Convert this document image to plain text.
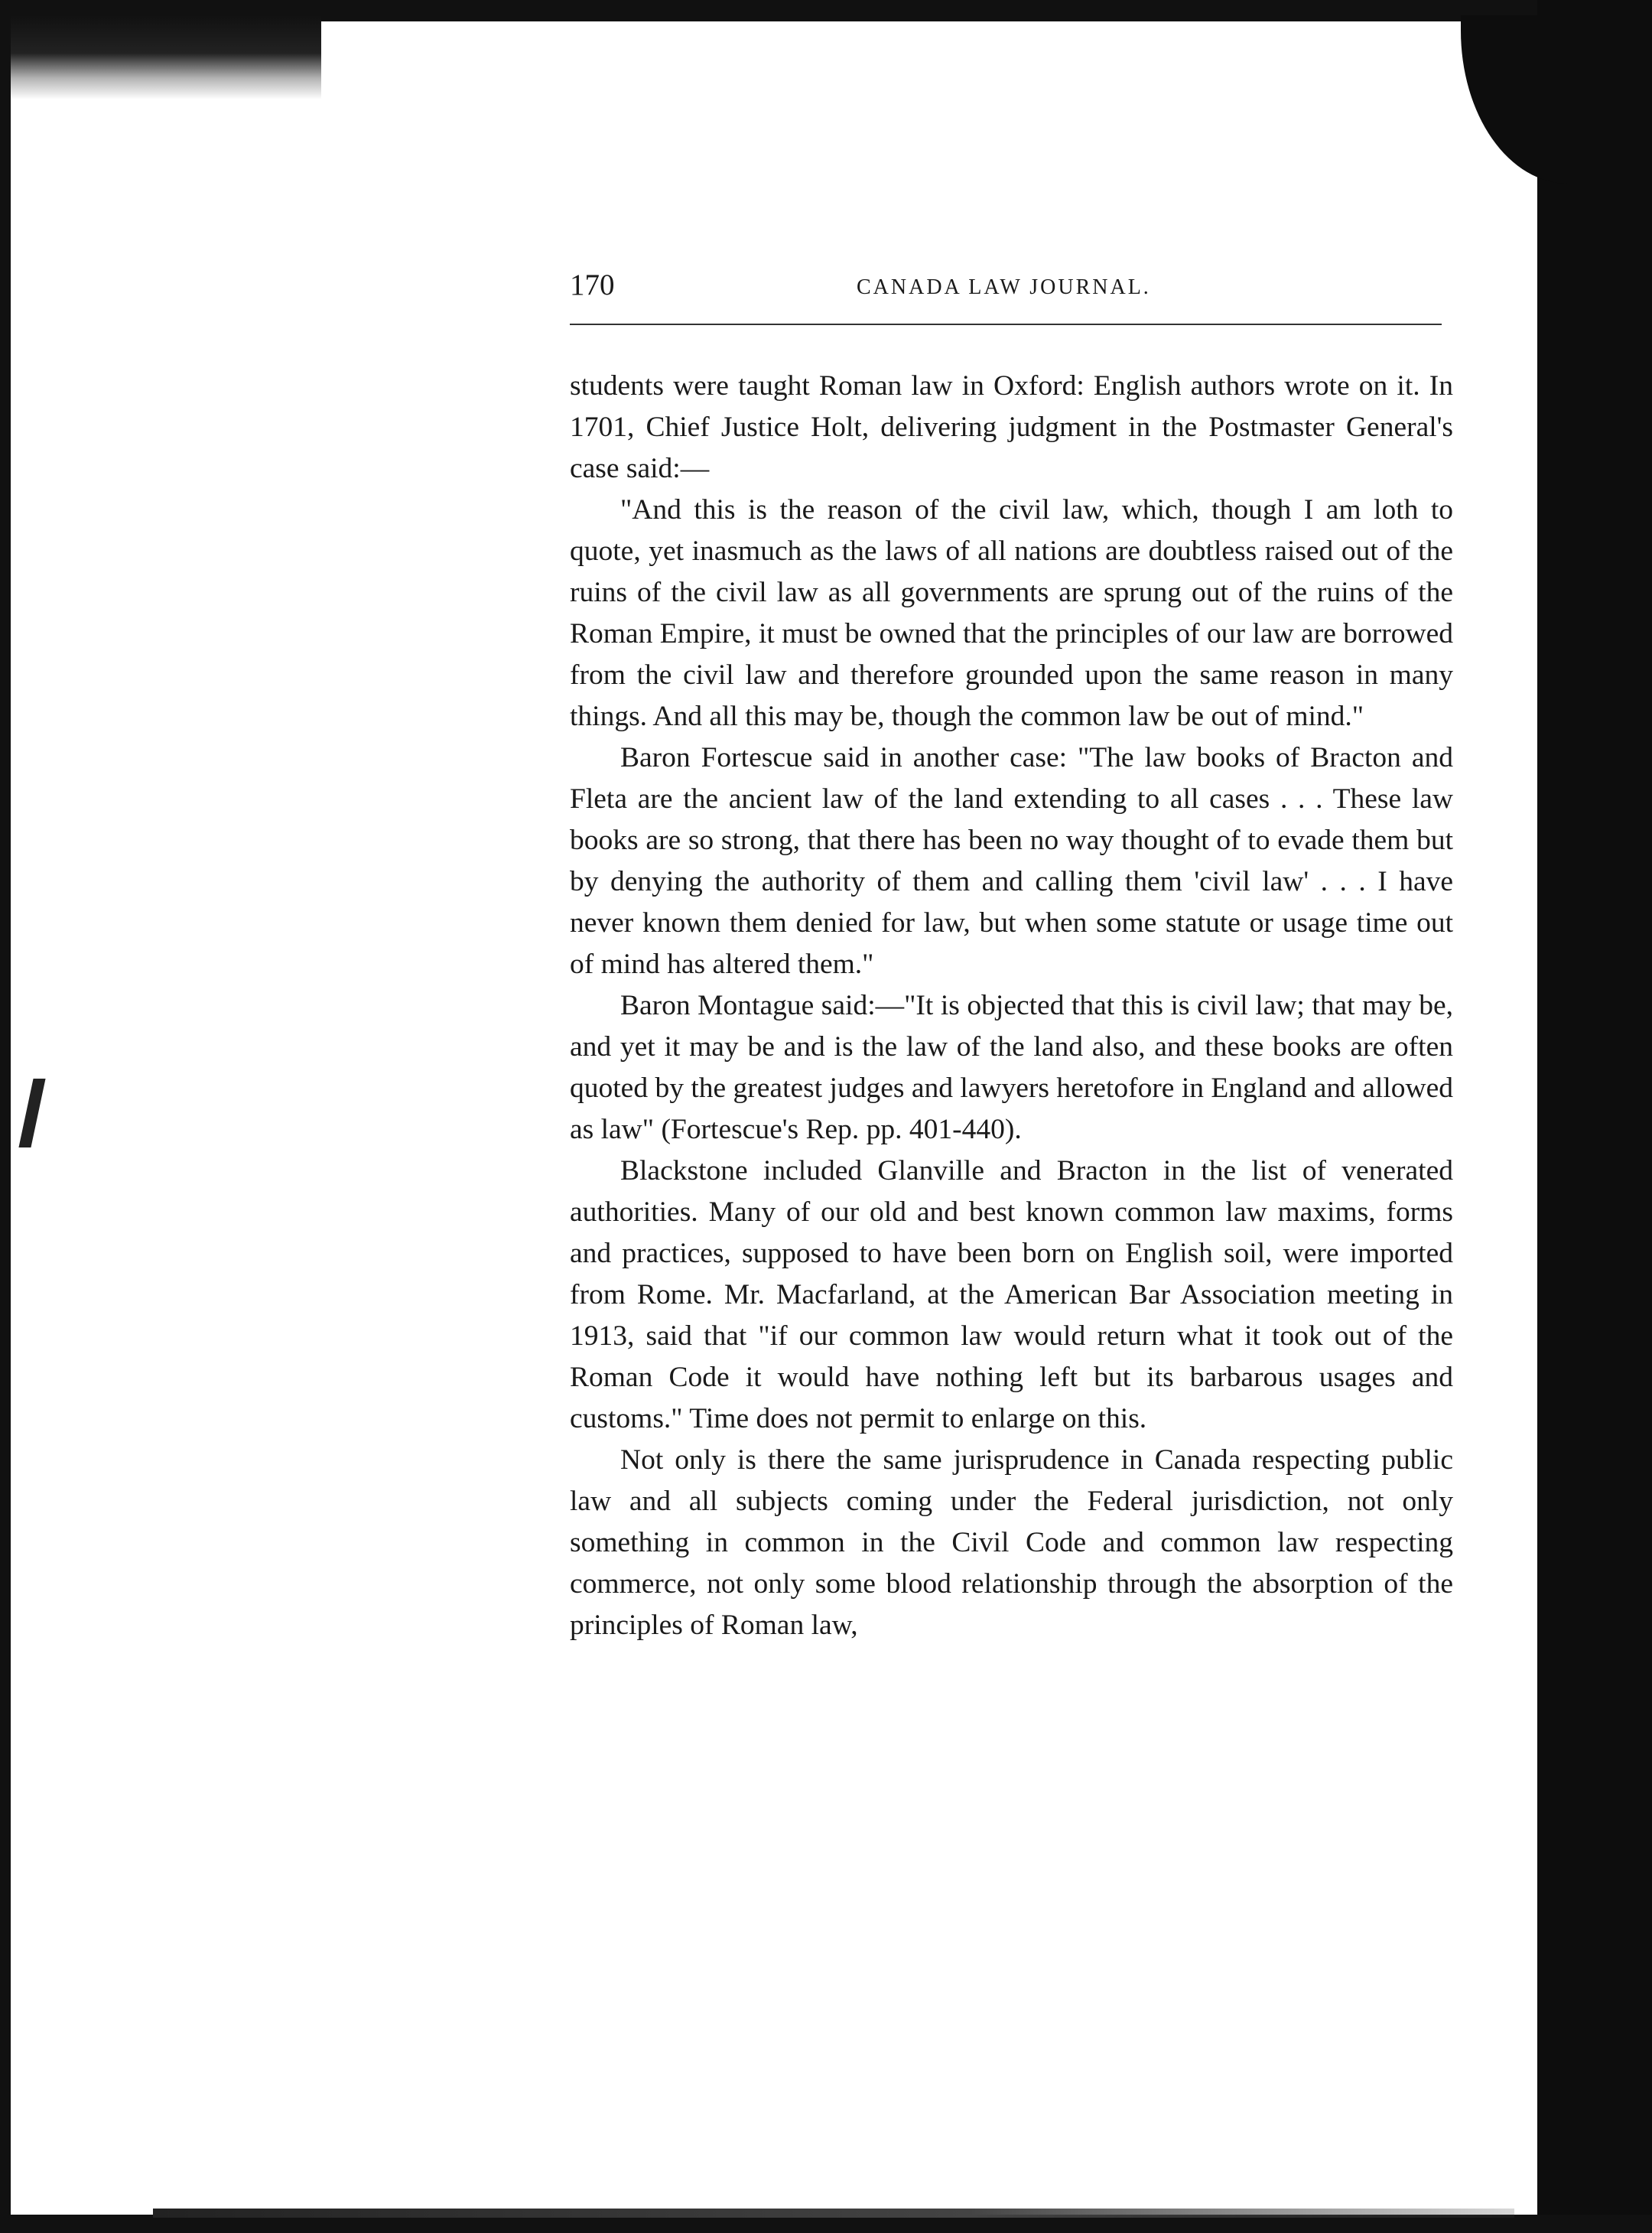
170	CANADA LAW JOURNAL.

students were taught Roman law in Oxford: English authors wrote on it. In 1701, Chief Justice Holt, delivering judgment in the Postmaster General's case said:—

"And this is the reason of the civil law, which, though I am loth to quote, yet inasmuch as the laws of all nations are doubtless raised out of the ruins of the civil law as all governments are sprung out of the ruins of the Roman Empire, it must be owned that the principles of our law are borrowed from the civil law and therefore grounded upon the same reason in many things. And all this may be, though the common law be out of mind."

Baron Fortescue said in another case: "The law books of Bracton and Fleta are the ancient law of the land extending to all cases . . . These law books are so strong, that there has been no way thought of to evade them but by denying the authority of them and calling them 'civil law' . . . I have never known them denied for law, but when some statute or usage time out of mind has altered them."

Baron Montague said:—"It is objected that this is civil law; that may be, and yet it may be and is the law of the land also, and these books are often quoted by the greatest judges and lawyers heretofore in England and allowed as law" (Fortescue's Rep. pp. 401-440).

Blackstone included Glanville and Bracton in the list of venerated authorities. Many of our old and best known common law maxims, forms and practices, supposed to have been born on English soil, were imported from Rome. Mr. Macfarland, at the American Bar Association meeting in 1913, said that "if our common law would return what it took out of the Roman Code it would have nothing left but its barbarous usages and customs." Time does not permit to enlarge on this.

Not only is there the same jurisprudence in Canada respecting public law and all subjects coming under the Federal jurisdiction, not only something in common in the Civil Code and common law respecting commerce, not only some blood relationship through the absorption of the principles of Roman law,
